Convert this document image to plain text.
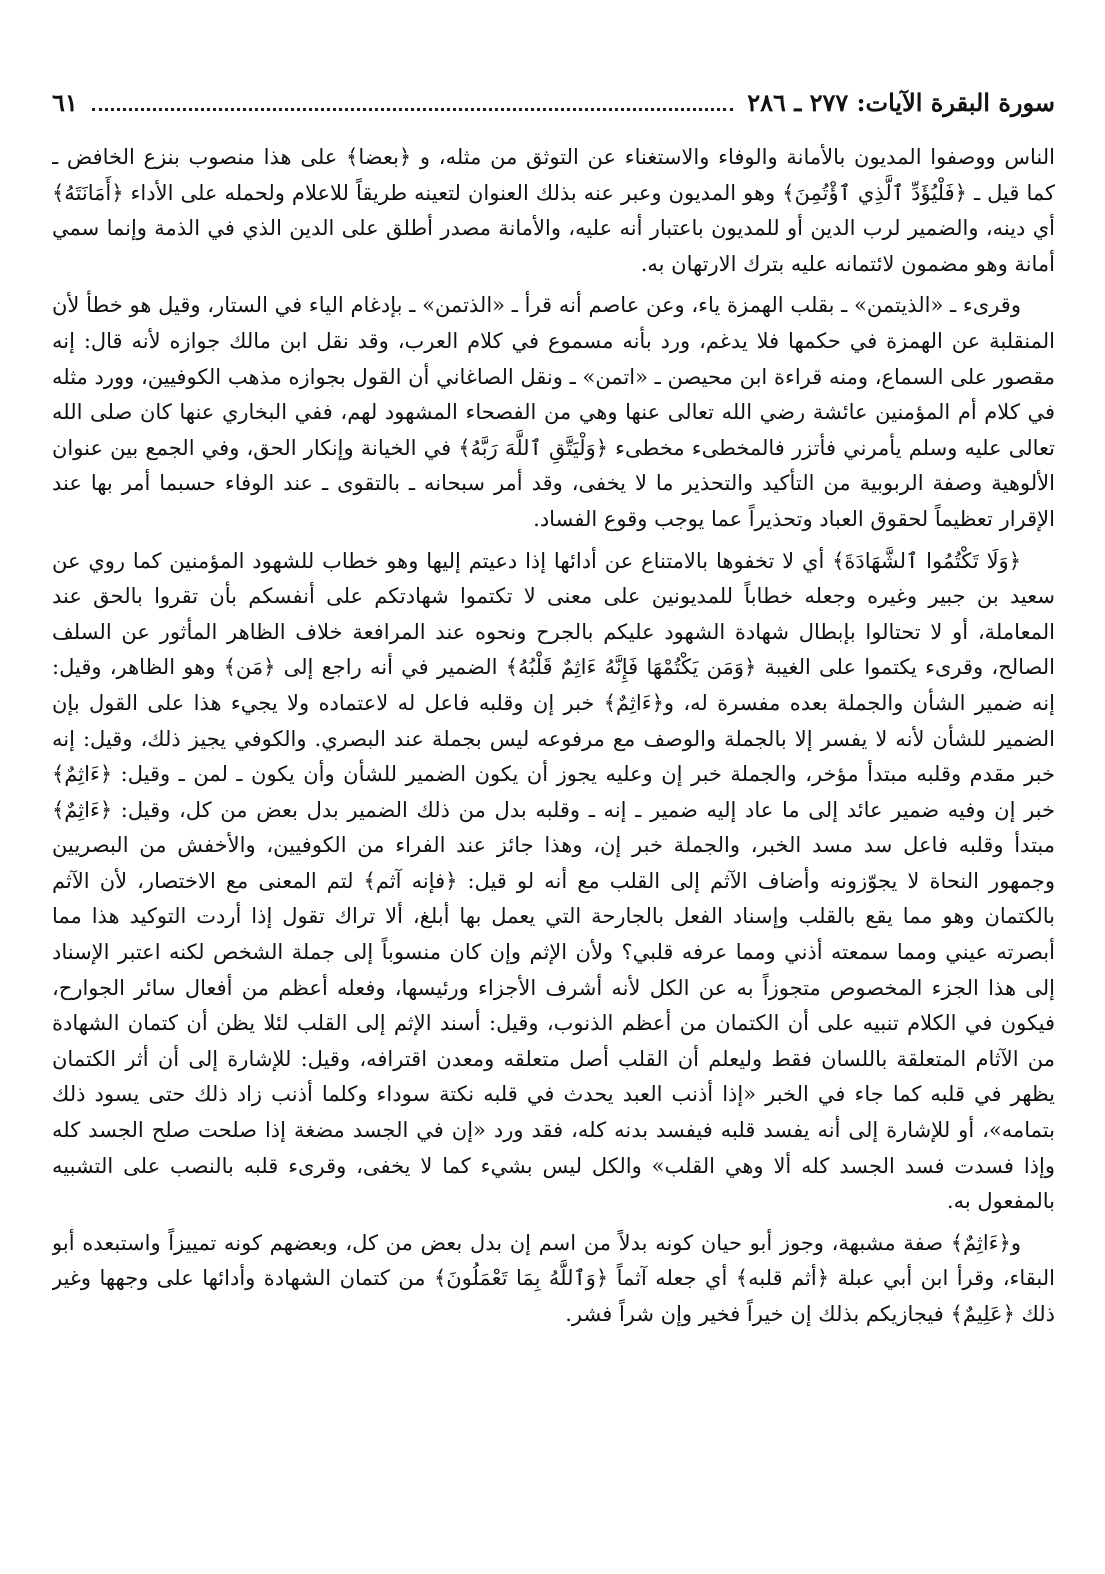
سورة البقرة الآيات: ٢٧٧ ـ ٢٨٦
٦١

الناس ووصفوا المديون بالأمانة والوفاء والاستغناء عن التوثق من مثله، و ﴿بعضا﴾ على هذا منصوب بنزع الخافض ـ كما قيل ـ ﴿فَلْيُؤَدِّ ٱلَّذِي ٱؤْتُمِنَ﴾ وهو المديون وعبر عنه بذلك العنوان لتعينه طريقاً للاعلام ولحمله على الأداء ﴿أَمَانَتَهُ﴾ أي دينه، والضمير لرب الدين أو للمديون باعتبار أنه عليه، والأمانة مصدر أطلق على الدين الذي في الذمة وإنما سمي أمانة وهو مضمون لائتمانه عليه بترك الارتهان به.

وقرىء ـ «الذيتمن» ـ بقلب الهمزة ياء، وعن عاصم أنه قرأ ـ «الذتمن» ـ بإدغام الياء في الستار، وقيل هو خطأ لأن المنقلبة عن الهمزة في حكمها فلا يدغم، ورد بأنه مسموع في كلام العرب، وقد نقل ابن مالك جوازه لأنه قال: إنه مقصور على السماع، ومنه قراءة ابن محيصن ـ «اتمن» ـ ونقل الصاغاني أن القول بجوازه مذهب الكوفيين، وورد مثله في كلام أم المؤمنين عائشة رضي الله تعالى عنها وهي من الفصحاء المشهود لهم، ففي البخاري عنها كان صلى الله تعالى عليه وسلم يأمرني فأتزر فالمخطىء مخطىء ﴿وَلْيَتَّقِ ٱللَّهَ رَبَّهُ﴾ في الخيانة وإنكار الحق، وفي الجمع بين عنوان الألوهية وصفة الربوبية من التأكيد والتحذير ما لا يخفى، وقد أمر سبحانه ـ بالتقوى ـ عند الوفاء حسبما أمر بها عند الإقرار تعظيماً لحقوق العباد وتحذيراً عما يوجب وقوع الفساد.

﴿وَلَا تَكْتُمُوا ٱلشَّهَادَةَ﴾ أي لا تخفوها بالامتناع عن أدائها إذا دعيتم إليها وهو خطاب للشهود المؤمنين كما روي عن سعيد بن جبير وغيره وجعله خطاباً للمديونين على معنى لا تكتموا شهادتكم على أنفسكم بأن تقروا بالحق عند المعاملة، أو لا تحتالوا بإبطال شهادة الشهود عليكم بالجرح ونحوه عند المرافعة خلاف الظاهر المأثور عن السلف الصالح، وقرىء يكتموا على الغيبة ﴿وَمَن يَكْتُمْهَا فَإِنَّهُ ءَاثِمٌ قَلْبُهُ﴾ الضمير في أنه راجع إلى ﴿مَن﴾ وهو الظاهر، وقيل: إنه ضمير الشأن والجملة بعده مفسرة له، و﴿ءَاثِمٌ﴾ خبر إن وقلبه فاعل له لاعتماده ولا يجيء هذا على القول بإن الضمير للشأن لأنه لا يفسر إلا بالجملة والوصف مع مرفوعه ليس بجملة عند البصري. والكوفي يجيز ذلك، وقيل: إنه خبر مقدم وقلبه مبتدأ مؤخر، والجملة خبر إن وعليه يجوز أن يكون الضمير للشأن وأن يكون ـ لمن ـ وقيل: ﴿ءَاثِمٌ﴾ خبر إن وفيه ضمير عائد إلى ما عاد إليه ضمير ـ إنه ـ وقلبه بدل من ذلك الضمير بدل بعض من كل، وقيل: ﴿ءَاثِمٌ﴾ مبتدأ وقلبه فاعل سد مسد الخبر، والجملة خبر إن، وهذا جائز عند الفراء من الكوفيين، والأخفش من البصريين وجمهور النحاة لا يجوّزونه وأضاف الآثم إلى القلب مع أنه لو قيل: ﴿فإنه آثم﴾ لتم المعنى مع الاختصار، لأن الآثم بالكتمان وهو مما يقع بالقلب وإسناد الفعل بالجارحة التي يعمل بها أبلغ، ألا تراك تقول إذا أردت التوكيد هذا مما أبصرته عيني ومما سمعته أذني ومما عرفه قلبي؟ ولأن الإثم وإن كان منسوباً إلى جملة الشخص لكنه اعتبر الإسناد إلى هذا الجزء المخصوص متجوزاً به عن الكل لأنه أشرف الأجزاء ورئيسها، وفعله أعظم من أفعال سائر الجوارح، فيكون في الكلام تنبيه على أن الكتمان من أعظم الذنوب، وقيل: أسند الإثم إلى القلب لئلا يظن أن كتمان الشهادة من الآثام المتعلقة باللسان فقط وليعلم أن القلب أصل متعلقه ومعدن اقترافه، وقيل: للإشارة إلى أن أثر الكتمان يظهر في قلبه كما جاء في الخبر «إذا أذنب العبد يحدث في قلبه نكتة سوداء وكلما أذنب زاد ذلك حتى يسود ذلك بتمامه»، أو للإشارة إلى أنه يفسد قلبه فيفسد بدنه كله، فقد ورد «إن في الجسد مضغة إذا صلحت صلح الجسد كله وإذا فسدت فسد الجسد كله ألا وهي القلب» والكل ليس بشيء كما لا يخفى، وقرىء قلبه بالنصب على التشبيه بالمفعول به.

و﴿ءَاثِمٌ﴾ صفة مشبهة، وجوز أبو حيان كونه بدلاً من اسم إن بدل بعض من كل، وبعضهم كونه تمييزاً واستبعده أبو البقاء، وقرأ ابن أبي عبلة ﴿أثم قلبه﴾ أي جعله آثماً ﴿وَٱللَّهُ بِمَا تَعْمَلُونَ﴾ من كتمان الشهادة وأدائها على وجهها وغير ذلك ﴿عَلِيمٌ﴾ فيجازيكم بذلك إن خيراً فخير وإن شراً فشر.
